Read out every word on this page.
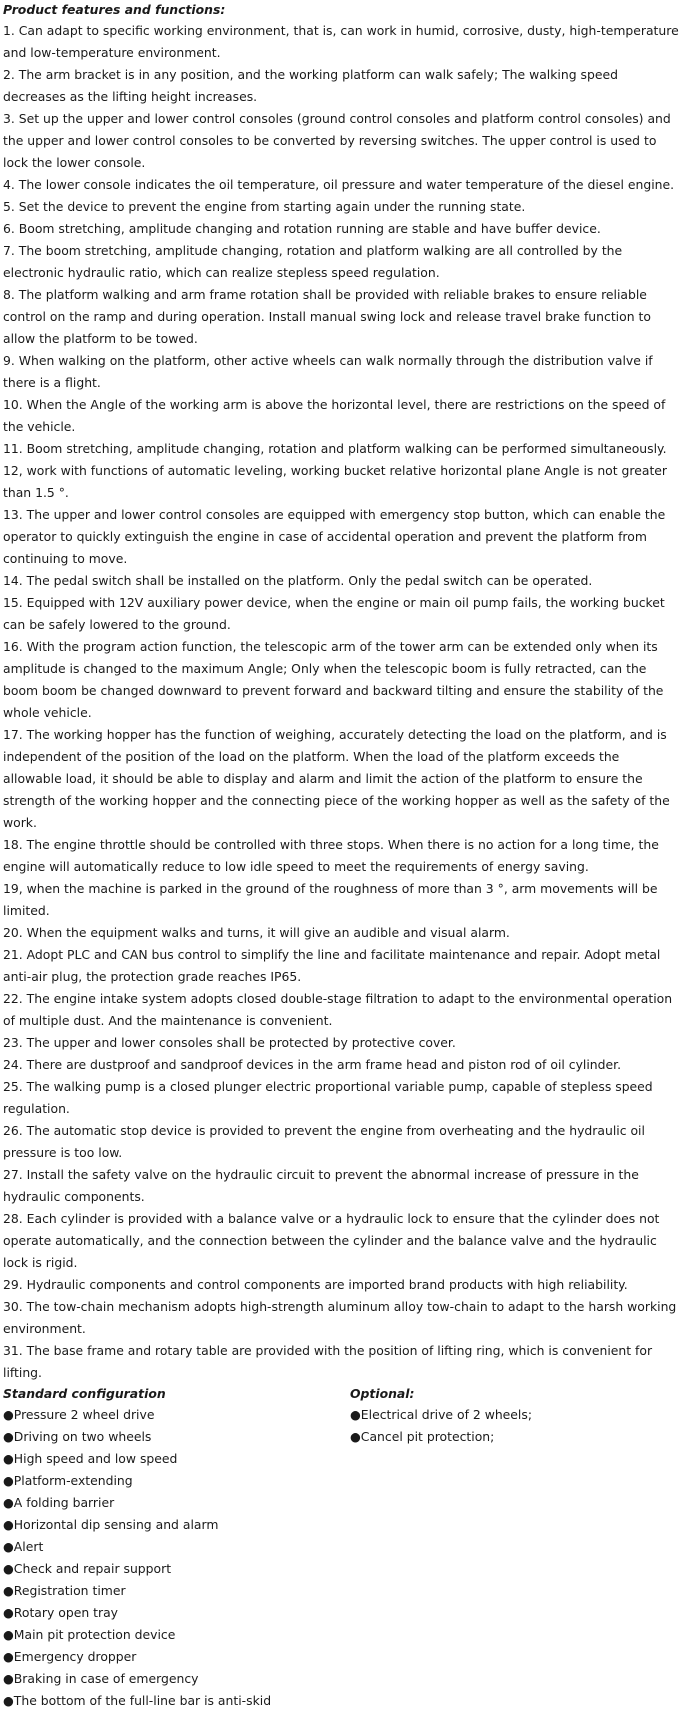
Product features and functions:

1. Can adapt to specific working environment, that is, can work in humid, corrosive, dusty, high-temperature and low-temperature environment.

2. The arm bracket is in any position, and the working platform can walk safely; The walking speed decreases as the lifting height increases.

3. Set up the upper and lower control consoles (ground control consoles and platform control consoles) and the upper and lower control consoles to be converted by reversing switches. The upper control is used to lock the lower console.

4. The lower console indicates the oil temperature, oil pressure and water temperature of the diesel engine.

5. Set the device to prevent the engine from starting again under the running state.

6. Boom stretching, amplitude changing and rotation running are stable and have buffer device.

7. The boom stretching, amplitude changing, rotation and platform walking are all controlled by the electronic hydraulic ratio, which can realize stepless speed regulation.

8. The platform walking and arm frame rotation shall be provided with reliable brakes to ensure reliable control on the ramp and during operation. Install manual swing lock and release travel brake function to allow the platform to be towed.

9. When walking on the platform, other active wheels can walk normally through the distribution valve if there is a flight.

10. When the Angle of the working arm is above the horizontal level, there are restrictions on the speed of the vehicle.

11. Boom stretching, amplitude changing, rotation and platform walking can be performed simultaneously.

12, work with functions of automatic leveling, working bucket relative horizontal plane Angle is not greater than 1.5 °.

13. The upper and lower control consoles are equipped with emergency stop button, which can enable the operator to quickly extinguish the engine in case of accidental operation and prevent the platform from continuing to move.

14. The pedal switch shall be installed on the platform. Only the pedal switch can be operated.

15. Equipped with 12V auxiliary power device, when the engine or main oil pump fails, the working bucket can be safely lowered to the ground.

16. With the program action function, the telescopic arm of the tower arm can be extended only when its amplitude is changed to the maximum Angle; Only when the telescopic boom is fully retracted, can the boom boom be changed downward to prevent forward and backward tilting and ensure the stability of the whole vehicle.

17. The working hopper has the function of weighing, accurately detecting the load on the platform, and is independent of the position of the load on the platform. When the load of the platform exceeds the allowable load, it should be able to display and alarm and limit the action of the platform to ensure the strength of the working hopper and the connecting piece of the working hopper as well as the safety of the work.

18. The engine throttle should be controlled with three stops. When there is no action for a long time, the engine will automatically reduce to low idle speed to meet the requirements of energy saving.

19, when the machine is parked in the ground of the roughness of more than 3 °, arm movements will be limited.

20. When the equipment walks and turns, it will give an audible and visual alarm.

21. Adopt PLC and CAN bus control to simplify the line and facilitate maintenance and repair. Adopt metal anti-air plug, the protection grade reaches IP65.

22. The engine intake system adopts closed double-stage filtration to adapt to the environmental operation of multiple dust. And the maintenance is convenient.

23. The upper and lower consoles shall be protected by protective cover.

24. There are dustproof and sandproof devices in the arm frame head and piston rod of oil cylinder.

25. The walking pump is a closed plunger electric proportional variable pump, capable of stepless speed regulation.

26. The automatic stop device is provided to prevent the engine from overheating and the hydraulic oil pressure is too low.

27. Install the safety valve on the hydraulic circuit to prevent the abnormal increase of pressure in the hydraulic components.

28. Each cylinder is provided with a balance valve or a hydraulic lock to ensure that the cylinder does not operate automatically, and the connection between the cylinder and the balance valve and the hydraulic lock is rigid.

29. Hydraulic components and control components are imported brand products with high reliability.

30. The tow-chain mechanism adopts high-strength aluminum alloy tow-chain to adapt to the harsh working environment.

31. The base frame and rotary table are provided with the position of lifting ring, which is convenient for lifting.

Standard configuration
●Pressure 2 wheel drive
●Driving on two wheels
●High speed and low speed
●Platform-extending
●A folding barrier
●Horizontal dip sensing and alarm
●Alert
●Check and repair support
●Registration timer
●Rotary open tray
●Main pit protection device
●Emergency dropper
●Braking in case of emergency
●The bottom of the full-line bar is anti-skid
Optional:
●Electrical drive of 2 wheels;
●Cancel pit protection;
